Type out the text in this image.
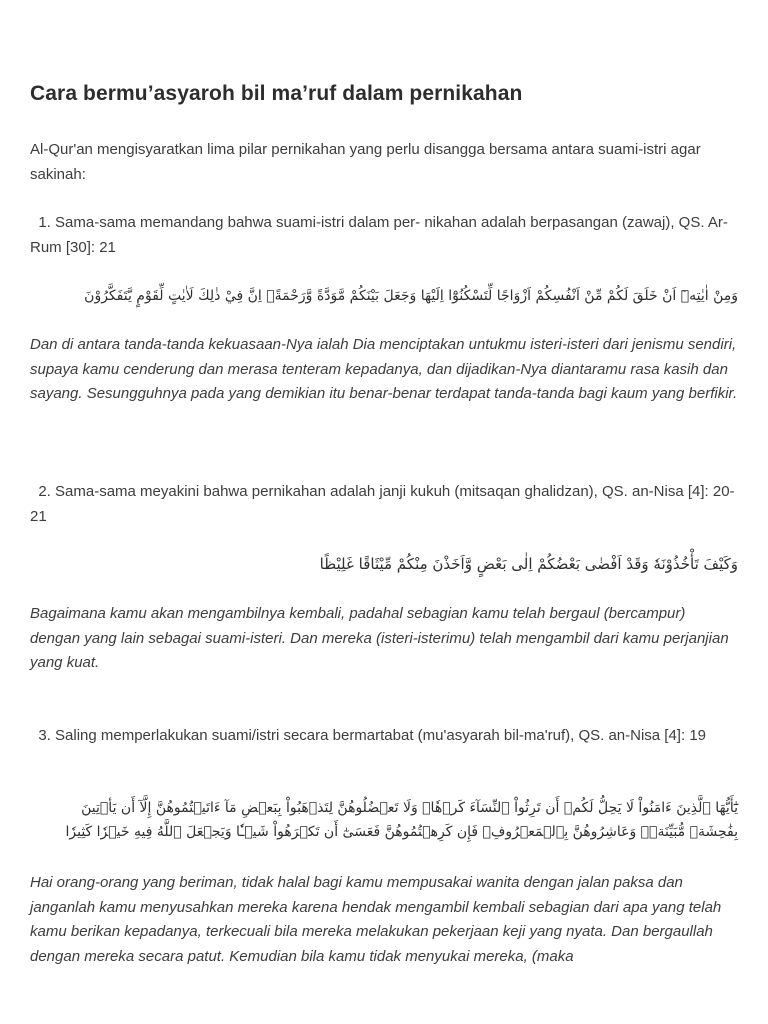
Cara bermu’asyaroh bil ma’ruf dalam pernikahan

Al-Qur'an mengisyaratkan lima pilar pernikahan yang perlu disangga bersama antara suami-istri agar sakinah:

1. Sama-sama memandang bahwa suami-istri dalam per- nikahan adalah berpasangan (zawaj), QS. Ar-Rum [30]: 21

وَمِنْ اٰيٰتِهٖٓ اَنْ خَلَقَ لَكُمْ مِّنْ اَنْفُسِكُمْ اَزْوَاجًا لِّتَسْكُنُوْٓا اِلَيْهَا وَجَعَلَ بَيْنَكُمْ مَّوَدَّةً وَّرَحْمَةًۗ اِنَّ فِيْ ذٰلِكَ لَاٰيٰتٍ لِّقَوْمٍ يَّتَفَكَّرُوْنَ

Dan di antara tanda-tanda kekuasaan-Nya ialah Dia menciptakan untukmu isteri-isteri dari jenismu sendiri, supaya kamu cenderung dan merasa tenteram kepadanya, dan dijadikan-Nya diantaramu rasa kasih dan sayang. Sesungguhnya pada yang demikian itu benar-benar terdapat tanda-tanda bagi kaum yang berfikir.

2. Sama-sama meyakini bahwa pernikahan adalah janji kukuh (mitsaqan ghalidzan), QS. an-Nisa [4]: 20-21

وَكَيْفَ تَأْخُذُوْنَهٗ وَقَدْ اَفْضٰى بَعْضُكُمْ اِلٰى بَعْضٍ وَّاَخَذْنَ مِنْكُمْ مِّيْثَاقًا غَلِيْظًا

Bagaimana kamu akan mengambilnya kembali, padahal sebagian kamu telah bergaul (bercampur) dengan yang lain sebagai suami-isteri. Dan mereka (isteri-isterimu) telah mengambil dari kamu perjanjian yang kuat.

3. Saling memperlakukan suami/istri secara bermartabat (mu'asyarah bil-ma'ruf), QS. an-Nisa [4]: 19

يَٰٓأَيُّهَا ٱلَّذِينَ ءَامَنُواْ لَا يَحِلُّ لَكُمۡ أَن تَرِثُواْ ٱلنِّسَآءَ كَرۡهٗاۖ وَلَا تَعۡضُلُوهُنَّ لِتَذۡهَبُواْ بِبَعۡضِ مَآ ءَاتَيۡتُمُوهُنَّ إِلَّآ أَن يَأۡتِينَ بِفَٰحِشَةٖ مُّبَيِّنَةٖۚ وَعَاشِرُوهُنَّ بِٱلۡمَعۡرُوفِۚ فَإِن كَرِهۡتُمُوهُنَّ فَعَسَىٰٓ أَن تَكۡرَهُواْ شَيۡـٔٗا وَيَجۡعَلَ ٱللَّهُ فِيهِ خَيۡرٗا كَثِيرٗا

Hai orang-orang yang beriman, tidak halal bagi kamu mempusakai wanita dengan jalan paksa dan janganlah kamu menyusahkan mereka karena hendak mengambil kembali sebagian dari apa yang telah kamu berikan kepadanya, terkecuali bila mereka melakukan pekerjaan keji yang nyata. Dan bergaullah dengan mereka secara patut. Kemudian bila kamu tidak menyukai mereka, (maka
